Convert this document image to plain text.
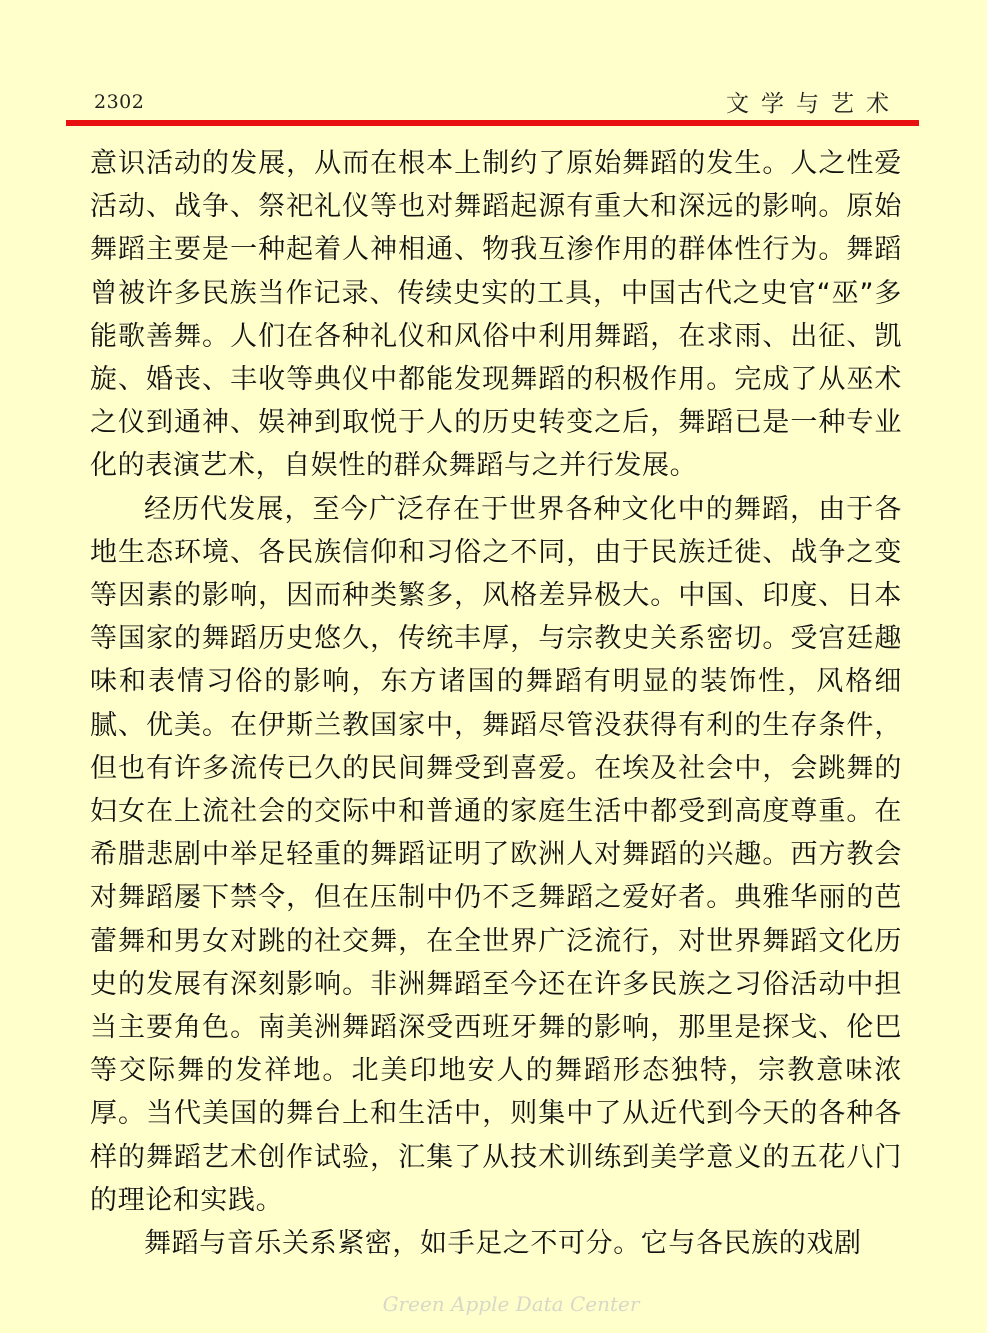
2302	文学与艺术

意识活动的发展，从而在根本上制约了原始舞蹈的发生。人之性爱活动、战争、祭祀礼仪等也对舞蹈起源有重大和深远的影响。原始舞蹈主要是一种起着人神相通、物我互渗作用的群体性行为。舞蹈曾被许多民族当作记录、传续史实的工具，中国古代之史官“巫”多能歌善舞。人们在各种礼仪和风俗中利用舞蹈，在求雨、出征、凯旋、婚丧、丰收等典仪中都能发现舞蹈的积极作用。完成了从巫术之仪到通神、娱神到取悦于人的历史转变之后，舞蹈已是一种专业化的表演艺术，自娱性的群众舞蹈与之并行发展。

经历代发展，至今广泛存在于世界各种文化中的舞蹈，由于各地生态环境、各民族信仰和习俗之不同，由于民族迁徙、战争之变等因素的影响，因而种类繁多，风格差异极大。中国、印度、日本等国家的舞蹈历史悠久，传统丰厚，与宗教史关系密切。受宫廷趣味和表情习俗的影响，东方诸国的舞蹈有明显的装饰性，风格细腻、优美。在伊斯兰教国家中，舞蹈尽管没获得有利的生存条件，但也有许多流传已久的民间舞受到喜爱。在埃及社会中，会跳舞的妇女在上流社会的交际中和普通的家庭生活中都受到高度尊重。在希腊悲剧中举足轻重的舞蹈证明了欧洲人对舞蹈的兴趣。西方教会对舞蹈屡下禁令，但在压制中仍不乏舞蹈之爱好者。典雅华丽的芭蕾舞和男女对跳的社交舞，在全世界广泛流行，对世界舞蹈文化历史的发展有深刻影响。非洲舞蹈至今还在许多民族之习俗活动中担当主要角色。南美洲舞蹈深受西班牙舞的影响，那里是探戈、伦巴等交际舞的发祥地。北美印地安人的舞蹈形态独特，宗教意味浓厚。当代美国的舞台上和生活中，则集中了从近代到今天的各种各样的舞蹈艺术创作试验，汇集了从技术训练到美学意义的五花八门的理论和实践。

舞蹈与音乐关系紧密，如手足之不可分。它与各民族的戏剧

Green Apple Data Center
